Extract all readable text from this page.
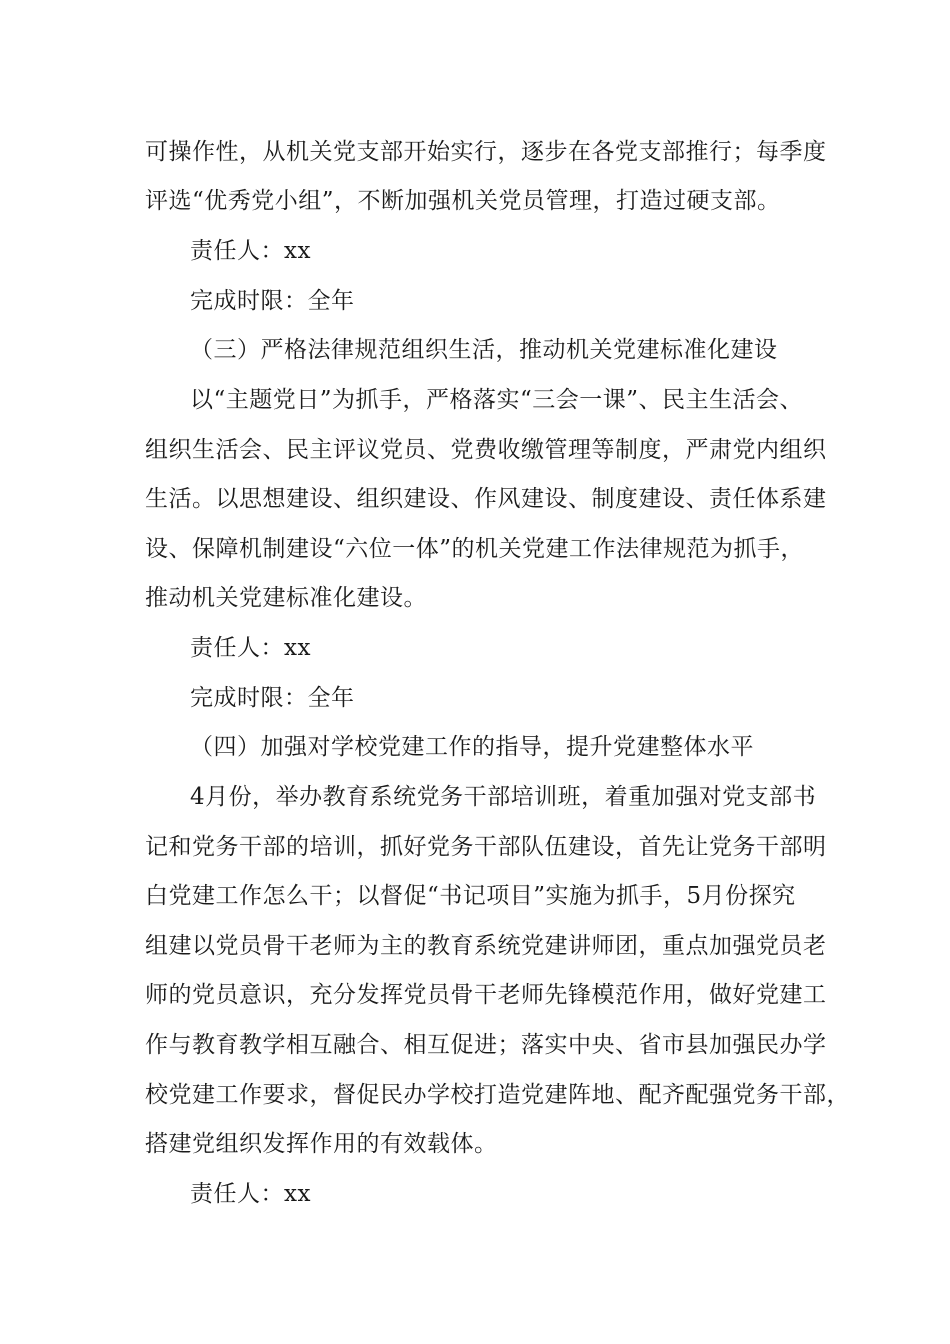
可操作性，从机关党支部开始实行，逐步在各党支部推行；每季度
评选“优秀党小组”，不断加强机关党员管理，打造过硬支部。
责任人：xx
完成时限：全年
（三）严格法律规范组织生活，推动机关党建标准化建设
以“主题党日”为抓手，严格落实“三会一课”、民主生活会、
组织生活会、民主评议党员、党费收缴管理等制度，严肃党内组织
生活。以思想建设、组织建设、作风建设、制度建设、责任体系建
设、保障机制建设“六位一体”的机关党建工作法律规范为抓手，
推动机关党建标准化建设。
责任人：xx
完成时限：全年
（四）加强对学校党建工作的指导，提升党建整体水平
4月份，举办教育系统党务干部培训班，着重加强对党支部书
记和党务干部的培训，抓好党务干部队伍建设，首先让党务干部明
白党建工作怎么干；以督促“书记项目”实施为抓手，5月份探究
组建以党员骨干老师为主的教育系统党建讲师团，重点加强党员老
师的党员意识，充分发挥党员骨干老师先锋模范作用，做好党建工
作与教育教学相互融合、相互促进；落实中央、省市县加强民办学
校党建工作要求，督促民办学校打造党建阵地、配齐配强党务干部，
搭建党组织发挥作用的有效载体。
责任人：xx
